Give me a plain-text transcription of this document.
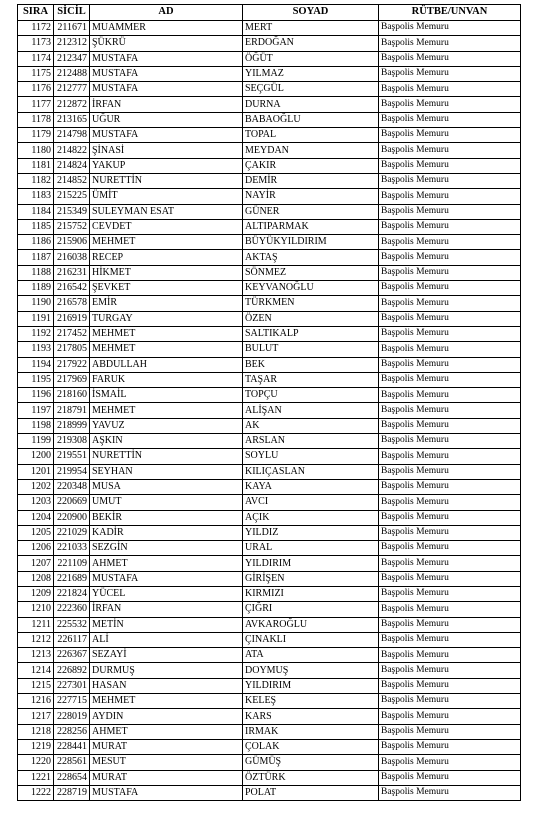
SIRA	SİCİL	AD	SOYAD	RÜTBE/UNVAN
1172	211671	MUAMMER	MERT	Başpolis Memuru
1173	212312	ŞÜKRÜ	ERDOĞAN	Başpolis Memuru
1174	212347	MUSTAFA	ÖĞÜT	Başpolis Memuru
1175	212488	MUSTAFA	YILMAZ	Başpolis Memuru
1176	212777	MUSTAFA	SEÇGÜL	Başpolis Memuru
1177	212872	İRFAN	DURNA	Başpolis Memuru
1178	213165	UĞUR	BABAOĞLU	Başpolis Memuru
1179	214798	MUSTAFA	TOPAL	Başpolis Memuru
1180	214822	ŞİNASİ	MEYDAN	Başpolis Memuru
1181	214824	YAKUP	ÇAKIR	Başpolis Memuru
1182	214852	NURETTİN	DEMİR	Başpolis Memuru
1183	215225	ÜMİT	NAYİR	Başpolis Memuru
1184	215349	SULEYMAN ESAT	GÜNER	Başpolis Memuru
1185	215752	CEVDET	ALTIPARMAK	Başpolis Memuru
1186	215906	MEHMET	BÜYÜKYILDIRIM	Başpolis Memuru
1187	216038	RECEP	AKTAŞ	Başpolis Memuru
1188	216231	HİKMET	SÖNMEZ	Başpolis Memuru
1189	216542	ŞEVKET	KEYVANOĞLU	Başpolis Memuru
1190	216578	EMİR	TÜRKMEN	Başpolis Memuru
1191	216919	TURGAY	ÖZEN	Başpolis Memuru
1192	217452	MEHMET	SALTIKALP	Başpolis Memuru
1193	217805	MEHMET	BULUT	Başpolis Memuru
1194	217922	ABDULLAH	BEK	Başpolis Memuru
1195	217969	FARUK	TAŞAR	Başpolis Memuru
1196	218160	İSMAİL	TOPÇU	Başpolis Memuru
1197	218791	MEHMET	ALİŞAN	Başpolis Memuru
1198	218999	YAVUZ	AK	Başpolis Memuru
1199	219308	AŞKIN	ARSLAN	Başpolis Memuru
1200	219551	NURETTİN	SOYLU	Başpolis Memuru
1201	219954	SEYHAN	KILIÇASLAN	Başpolis Memuru
1202	220348	MUSA	KAYA	Başpolis Memuru
1203	220669	UMUT	AVCI	Başpolis Memuru
1204	220900	BEKİR	AÇIK	Başpolis Memuru
1205	221029	KADİR	YILDIZ	Başpolis Memuru
1206	221033	SEZGİN	URAL	Başpolis Memuru
1207	221109	AHMET	YILDIRIM	Başpolis Memuru
1208	221689	MUSTAFA	GİRİŞEN	Başpolis Memuru
1209	221824	YÜCEL	KIRMIZI	Başpolis Memuru
1210	222360	İRFAN	ÇIĞRI	Başpolis Memuru
1211	225532	METİN	AVKAROĞLU	Başpolis Memuru
1212	226117	ALİ	ÇINAKLI	Başpolis Memuru
1213	226367	SEZAYİ	ATA	Başpolis Memuru
1214	226892	DURMUŞ	DOYMUŞ	Başpolis Memuru
1215	227301	HASAN	YILDIRIM	Başpolis Memuru
1216	227715	MEHMET	KELEŞ	Başpolis Memuru
1217	228019	AYDIN	KARS	Başpolis Memuru
1218	228256	AHMET	IRMAK	Başpolis Memuru
1219	228441	MURAT	ÇOLAK	Başpolis Memuru
1220	228561	MESUT	GÜMÜŞ	Başpolis Memuru
1221	228654	MURAT	ÖZTÜRK	Başpolis Memuru
1222	228719	MUSTAFA	POLAT	Başpolis Memuru
